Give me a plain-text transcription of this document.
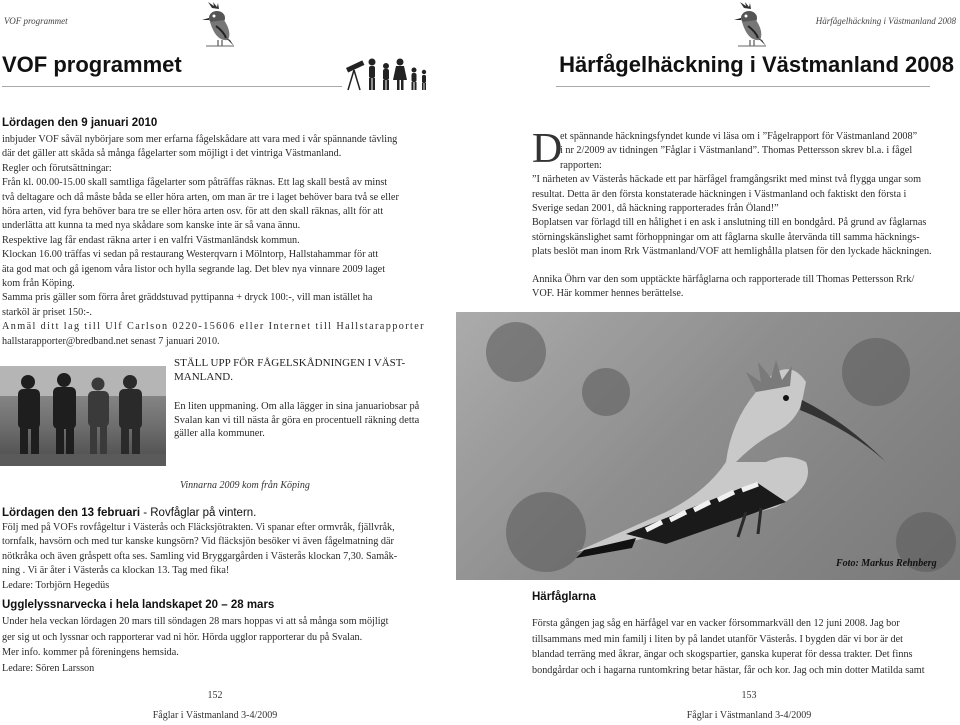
VOF programmet
VOF programmet
Lördagen den 9 januari 2010

inbjuder VOF såväl nybörjare som mer erfarna fågelskådare att vara med i vår spännande tävling

där det gäller att skåda så många fågelarter som möjligt i det vintriga Västmanland.

Regler och förutsättningar:

Från kl. 00.00-15.00 skall samtliga fågelarter som påträffas räknas. Ett lag skall bestå av minst

två deltagare och då måste båda se eller höra arten, om man är tre i laget behöver bara två se eller

höra arten, vid fyra behöver bara tre se eller höra arten osv. för att den skall räknas, allt för att

underlätta att kunna ta med nya skådare som kanske inte är så vana ännu.

Respektive lag får endast räkna arter i en valfri Västmanländsk kommun.

Klockan 16.00 träffas vi sedan på restaurang Westerqvarn i Mölntorp, Hallstahammar för att

äta god mat och gå igenom våra listor och hylla segrande lag. Det blev nya vinnare 2009 laget

kom från Köping.

Samma pris gäller som förra året gräddstuvad pyttipanna + dryck 100:-, vill man istället ha

starköl är priset 150:-.

Anmäl ditt lag till Ulf Carlson 0220-15606 eller Internet till Hallstarapporter

hallstarapporter@bredband.net senast 7 januari 2010.

STÄLL UPP FÖR FÅGELSKÅDNINGEN I VÄST-MANLAND.
En liten uppmaning. Om alla lägger in sina januariobsar på Svalan kan vi till nästa år göra en procentuell räkning detta gäller alla kommuner.
Vinnarna 2009 kom från Köping
Lördagen den 13 februari - Rovfåglar på vintern.

Följ med på VOFs rovfågeltur i Västerås och Fläcksjötrakten. Vi spanar efter ormvråk, fjällvråk,

tornfalk, havsörn och med tur kanske kungsörn? Vid fläcksjön besöker vi även fågelmatning där

nötkråka och även gråspett ofta ses. Samling vid Bryggargården i Västerås klockan 7,30. Samåk-

ning . Vi är åter i Västerås ca klockan 13. Tag med fika!

Ledare: Torbjörn Hegedüs

Ugglelyssnarvecka i hela landskapet 20 – 28 mars

Under hela veckan lördagen 20 mars till söndagen 28 mars hoppas vi att så många som möjligt

ger sig ut och lyssnar och rapporterar vad ni hör. Hörda ugglor rapporterar du på Svalan.

Mer info. kommer på föreningens hemsida.

Ledare: Sören Larsson

152
Fåglar i Västmanland 3-4/2009
Härfågelhäckning i Västmanland 2008
Härfågelhäckning i Västmanland 2008
D

et spännande häckningsfyndet kunde vi läsa om i ”Fågelrapport för Västmanland 2008”

i nr 2/2009 av tidningen ”Fåglar i Västmanland”. Thomas Pettersson skrev bl.a. i fågel

rapporten:

”I närheten av Västerås häckade ett par härfågel framgångsrikt med minst två flygga ungar som

resultat. Detta är den första konstaterade häckningen i Västmanland och faktiskt den första i

Sverige sedan 2001, då häckning rapporterades från Öland!”

Boplatsen var förlagd till en hålighet i en ask i anslutning till en bondgård. På grund av fåglarnas

störningskänslighet samt förhoppningar om att fåglarna skulle återvända till samma häcknings-

plats beslöt man inom Rrk Västmanland/VOF att hemlighålla platsen för den lyckade häckningen.

Annika Öhrn var den som upptäckte härfåglarna och rapporterade till Thomas Pettersson Rrk/

VOF. Här kommer hennes berättelse.

Foto: Markus Rehnberg
Härfåglarna

Första gången jag såg en härfågel var en vacker försommarkväll den 12 juni 2008. Jag bor

tillsammans med min familj i liten by på landet utanför Västerås. I bygden där vi bor är det

blandad terräng med åkrar, ängar och skogspartier, ganska kuperat för dessa trakter. Det finns

bondgårdar och i hagarna runtomkring betar hästar, får och kor. Jag och min dotter Matilda samt

153
Fåglar i Västmanland 3-4/2009
